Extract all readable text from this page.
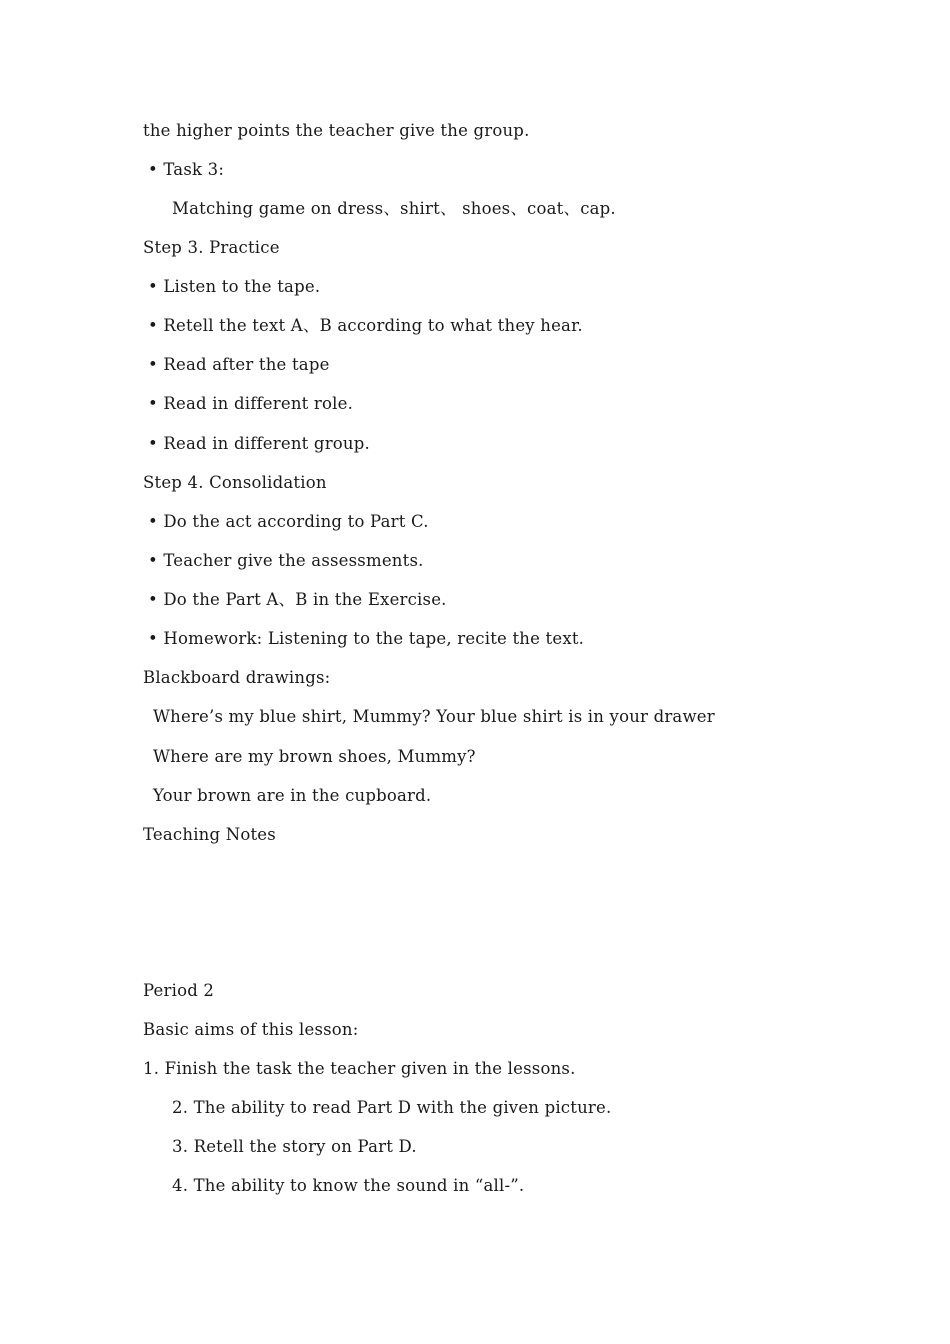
the higher points the teacher give the group.
• Task 3:
Matching game on dress、shirt、 shoes、coat、cap.
Step 3. Practice
• Listen to the tape.
• Retell the text A、B according to what they hear.
• Read after the tape
• Read in different role.
• Read in different group.
Step 4. Consolidation
• Do the act according to Part C.
• Teacher give the assessments.
• Do the Part A、B in the Exercise.
• Homework: Listening to the tape, recite the text.
Blackboard drawings:
Where’s my blue shirt, Mummy? Your blue shirt is in your drawer
Where are my brown shoes, Mummy?
Your brown are in the cupboard.
Teaching Notes
Period 2
Basic aims of this lesson:
1. Finish the task the teacher given in the lessons.
2. The ability to read Part D with the given picture.
3. Retell the story on Part D.
4. The ability to know the sound in “all-”.
